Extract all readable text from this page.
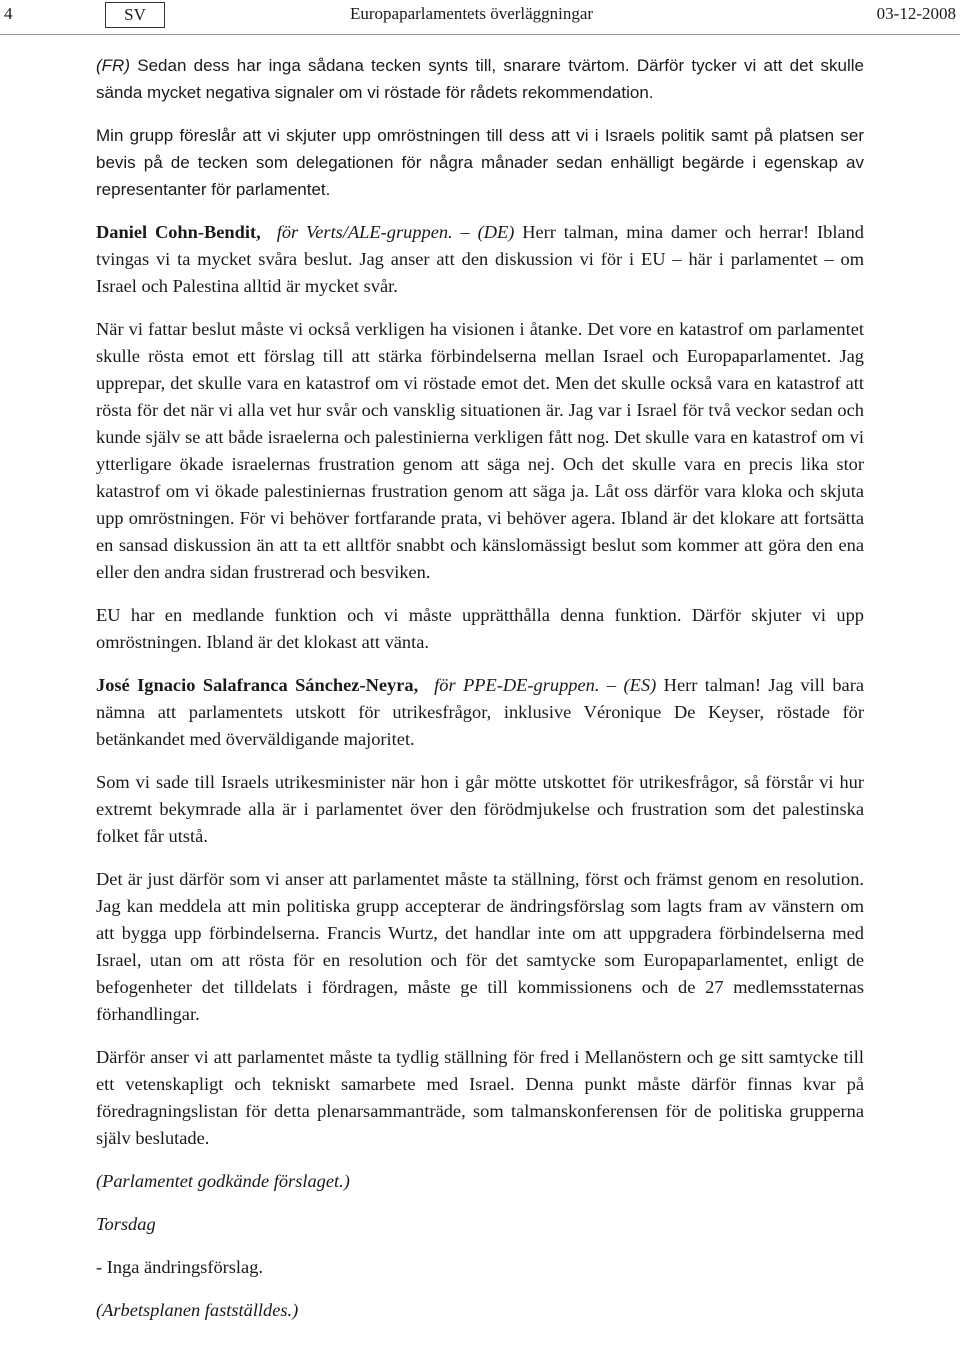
4	SV	Europaparlamentets överläggningar	03-12-2008

(FR) Sedan dess har inga sådana tecken synts till, snarare tvärtom. Därför tycker vi att det skulle sända mycket negativa signaler om vi röstade för rådets rekommendation.

Min grupp föreslår att vi skjuter upp omröstningen till dess att vi i Israels politik samt på platsen ser bevis på de tecken som delegationen för några månader sedan enhälligt begärde i egenskap av representanter för parlamentet.

Daniel Cohn-Bendit, för Verts/ALE-gruppen. – (DE) Herr talman, mina damer och herrar! Ibland tvingas vi ta mycket svåra beslut. Jag anser att den diskussion vi för i EU – här i parlamentet – om Israel och Palestina alltid är mycket svår.

När vi fattar beslut måste vi också verkligen ha visionen i åtanke. Det vore en katastrof om parlamentet skulle rösta emot ett förslag till att stärka förbindelserna mellan Israel och Europaparlamentet. Jag upprepar, det skulle vara en katastrof om vi röstade emot det. Men det skulle också vara en katastrof att rösta för det när vi alla vet hur svår och vansklig situationen är. Jag var i Israel för två veckor sedan och kunde själv se att både israelerna och palestinierna verkligen fått nog. Det skulle vara en katastrof om vi ytterligare ökade israelernas frustration genom att säga nej. Och det skulle vara en precis lika stor katastrof om vi ökade palestiniernas frustration genom att säga ja. Låt oss därför vara kloka och skjuta upp omröstningen. För vi behöver fortfarande prata, vi behöver agera. Ibland är det klokare att fortsätta en sansad diskussion än att ta ett alltför snabbt och känslomässigt beslut som kommer att göra den ena eller den andra sidan frustrerad och besviken.

EU har en medlande funktion och vi måste upprätthålla denna funktion. Därför skjuter vi upp omröstningen. Ibland är det klokast att vänta.

José Ignacio Salafranca Sánchez-Neyra, för PPE-DE-gruppen. – (ES) Herr talman! Jag vill bara nämna att parlamentets utskott för utrikesfrågor, inklusive Véronique De Keyser, röstade för betänkandet med överväldigande majoritet.

Som vi sade till Israels utrikesminister när hon i går mötte utskottet för utrikesfrågor, så förstår vi hur extremt bekymrade alla är i parlamentet över den förödmjukelse och frustration som det palestinska folket får utstå.

Det är just därför som vi anser att parlamentet måste ta ställning, först och främst genom en resolution. Jag kan meddela att min politiska grupp accepterar de ändringsförslag som lagts fram av vänstern om att bygga upp förbindelserna. Francis Wurtz, det handlar inte om att uppgradera förbindelserna med Israel, utan om att rösta för en resolution och för det samtycke som Europaparlamentet, enligt de befogenheter det tilldelats i fördragen, måste ge till kommissionens och de 27 medlemsstaternas förhandlingar.

Därför anser vi att parlamentet måste ta tydlig ställning för fred i Mellanöstern och ge sitt samtycke till ett vetenskapligt och tekniskt samarbete med Israel. Denna punkt måste därför finnas kvar på föredragningslistan för detta plenarsammanträde, som talmanskonferensen för de politiska grupperna själv beslutade.

(Parlamentet godkände förslaget.)

Torsdag

- Inga ändringsförslag.

(Arbetsplanen fastställdes.)
